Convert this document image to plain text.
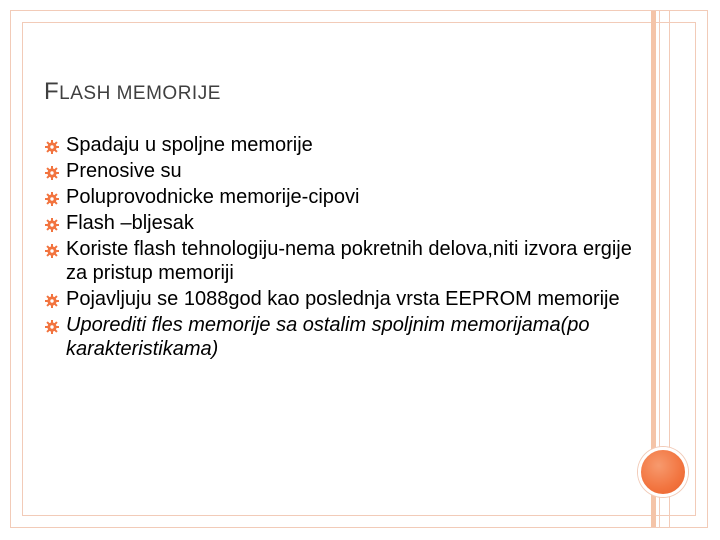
FLASH MEMORIJE
Spadaju u spoljne memorije
Prenosive su
Poluprovodnicke memorije-cipovi
Flash –bljesak
Koriste flash tehnologiju-nema pokretnih delova,niti izvora ergije za pristup memoriji
Pojavljuju se 1088god kao poslednja vrsta EEPROM memorije
Uporediti fles memorije sa ostalim spoljnim memorijama(po karakteristikama)
